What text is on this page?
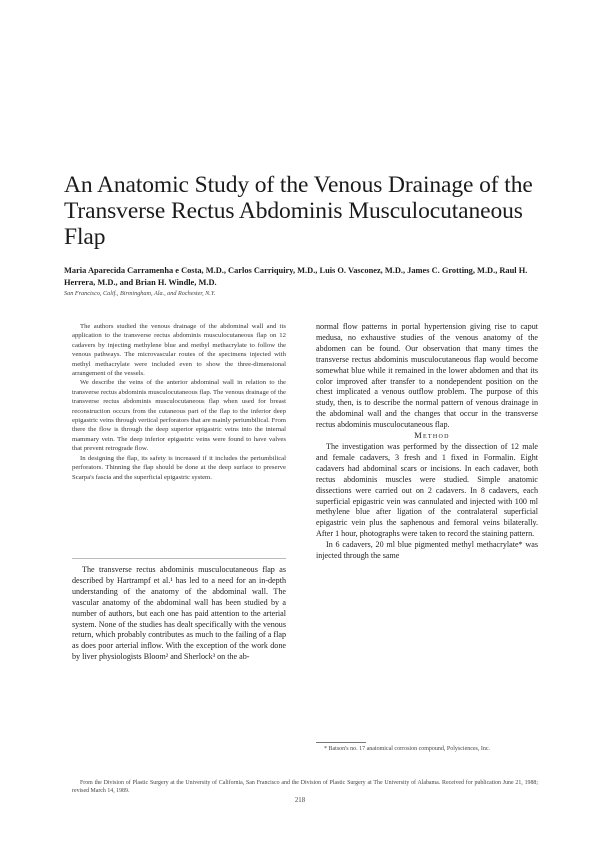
An Anatomic Study of the Venous Drainage of the Transverse Rectus Abdominis Musculocutaneous Flap

Maria Aparecida Carramenha e Costa, M.D., Carlos Carriquiry, M.D., Luis O. Vasconez, M.D., James C. Grotting, M.D., Raul H. Herrera, M.D., and Brian H. Windle, M.D.

San Francisco, Calif., Birmingham, Ala., and Rochester, N.Y.

The authors studied the venous drainage of the abdominal wall and its application to the transverse rectus abdominis musculocutaneous flap on 12 cadavers by injecting methylene blue and methyl methacrylate to follow the venous pathways. The microvascular routes of the specimens injected with methyl methacrylate were included even to show the three-dimensional arrangement of the vessels.

We describe the veins of the anterior abdominal wall in relation to the transverse rectus abdominis musculocutaneous flap. The venous drainage of the transverse rectus abdominis musculocutaneous flap when used for breast reconstruction occurs from the cutaneous part of the flap to the inferior deep epigastric veins through vertical perforators that are mainly periumbilical. From there the flow is through the deep superior epigastric veins into the internal mammary vein. The deep inferior epigastric veins were found to have valves that prevent retrograde flow.

In designing the flap, its safety is increased if it includes the periumbilical perforators. Thinning the flap should be done at the deep surface to preserve Scarpa's fascia and the superficial epigastric system.

The transverse rectus abdominis musculocutaneous flap as described by Hartrampf et al.¹ has led to a need for an in-depth understanding of the anatomy of the abdominal wall. The vascular anatomy of the abdominal wall has been studied by a number of authors, but each one has paid attention to the arterial system. None of the studies has dealt specifically with the venous return, which probably contributes as much to the failing of a flap as does poor arterial inflow. With the exception of the work done by liver physiologists Bloom² and Sherlock³ on the ab-

normal flow patterns in portal hypertension giving rise to caput medusa, no exhaustive studies of the venous anatomy of the abdomen can be found. Our observation that many times the transverse rectus abdominis musculocutaneous flap would become somewhat blue while it remained in the lower abdomen and that its color improved after transfer to a nondependent position on the chest implicated a venous outflow problem. The purpose of this study, then, is to describe the normal pattern of venous drainage in the abdominal wall and the changes that occur in the transverse rectus abdominis musculocutaneous flap.

Method

The investigation was performed by the dissection of 12 male and female cadavers, 3 fresh and 1 fixed in Formalin. Eight cadavers had abdominal scars or incisions. In each cadaver, both rectus abdominis muscles were studied. Simple anatomic dissections were carried out on 2 cadavers. In 8 cadavers, each superficial epigastric vein was cannulated and injected with 100 ml methylene blue after ligation of the contralateral superficial epigastric vein plus the saphenous and femoral veins bilaterally. After 1 hour, photographs were taken to record the staining pattern.

In 6 cadavers, 20 ml blue pigmented methyl methacrylate* was injected through the same

* Batson's no. 17 anatomical corrosion compound, Polysciences, Inc.

From the Division of Plastic Surgery at the University of California, San Francisco and the Division of Plastic Surgery at The University of Alabama. Received for publication June 21, 1988; revised March 14, 1989.

218
